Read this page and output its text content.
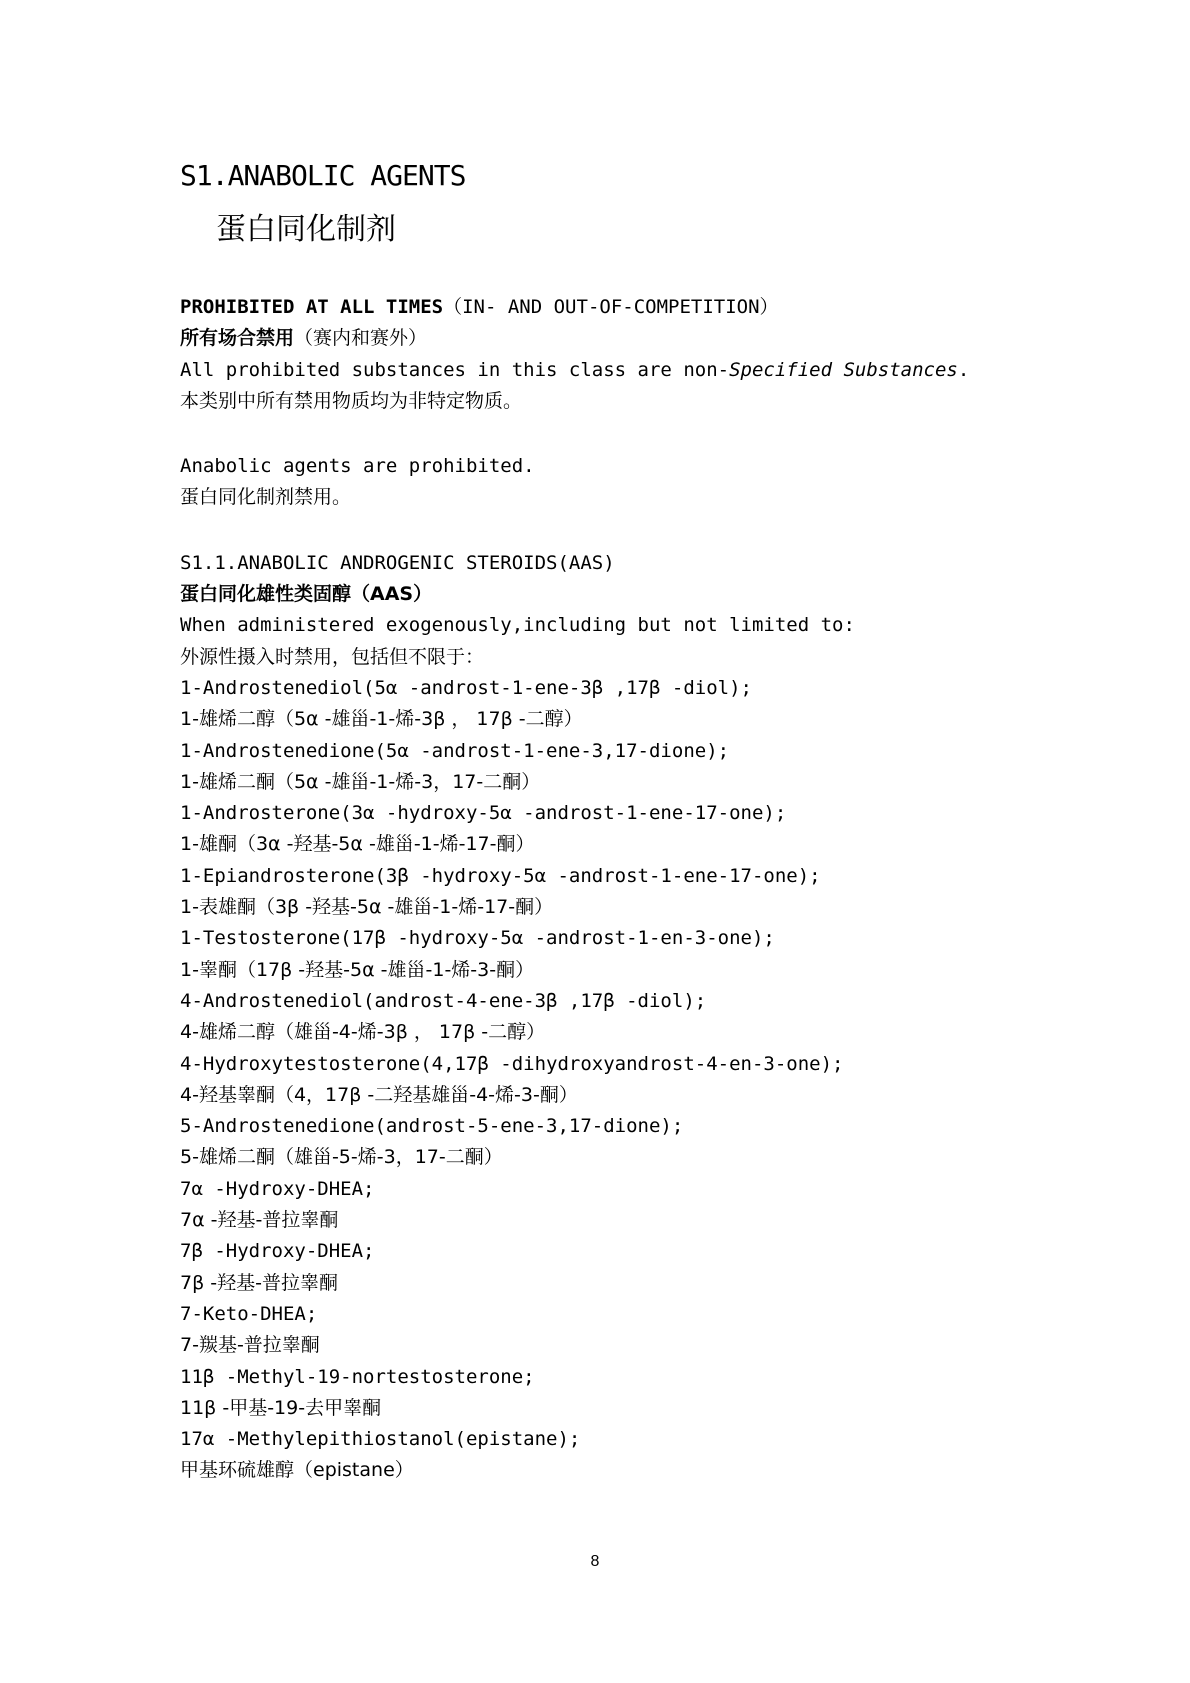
S1.ANABOLIC AGENTS
蛋白同化制剂

PROHIBITED AT ALL TIMES（IN- AND OUT-OF-COMPETITION）

所有场合禁用（赛内和赛外）

All prohibited substances in this class are non-Specified Substances.

本类别中所有禁用物质均为非特定物质。

Anabolic agents are prohibited.

蛋白同化制剂禁用。

S1.1.ANABOLIC ANDROGENIC STEROIDS(AAS)

蛋白同化雄性类固醇（AAS）

When administered exogenously,including but not limited to:

外源性摄入时禁用，包括但不限于：

1-Androstenediol(5α -androst-1-ene-3β ,17β -diol);

1-雄烯二醇（5α -雄甾-1-烯-3β ， 17β -二醇）

1-Androstenedione(5α -androst-1-ene-3,17-dione);

1-雄烯二酮（5α -雄甾-1-烯-3，17-二酮）

1-Androsterone(3α -hydroxy-5α -androst-1-ene-17-one);

1-雄酮（3α -羟基-5α -雄甾-1-烯-17-酮）

1-Epiandrosterone(3β -hydroxy-5α -androst-1-ene-17-one);

1-表雄酮（3β -羟基-5α -雄甾-1-烯-17-酮）

1-Testosterone(17β -hydroxy-5α -androst-1-en-3-one);

1-睾酮（17β -羟基-5α -雄甾-1-烯-3-酮）

4-Androstenediol(androst-4-ene-3β ,17β -diol);

4-雄烯二醇（雄甾-4-烯-3β ， 17β -二醇）

4-Hydroxytestosterone(4,17β -dihydroxyandrost-4-en-3-one);

4-羟基睾酮（4，17β -二羟基雄甾-4-烯-3-酮）

5-Androstenedione(androst-5-ene-3,17-dione);

5-雄烯二酮（雄甾-5-烯-3，17-二酮）

7α -Hydroxy-DHEA;

7α -羟基-普拉睾酮

7β -Hydroxy-DHEA;

7β -羟基-普拉睾酮

7-Keto-DHEA;

7-羰基-普拉睾酮

11β -Methyl-19-nortestosterone;

11β -甲基-19-去甲睾酮

17α -Methylepithiostanol(epistane);

甲基环硫雄醇（epistane）

8
